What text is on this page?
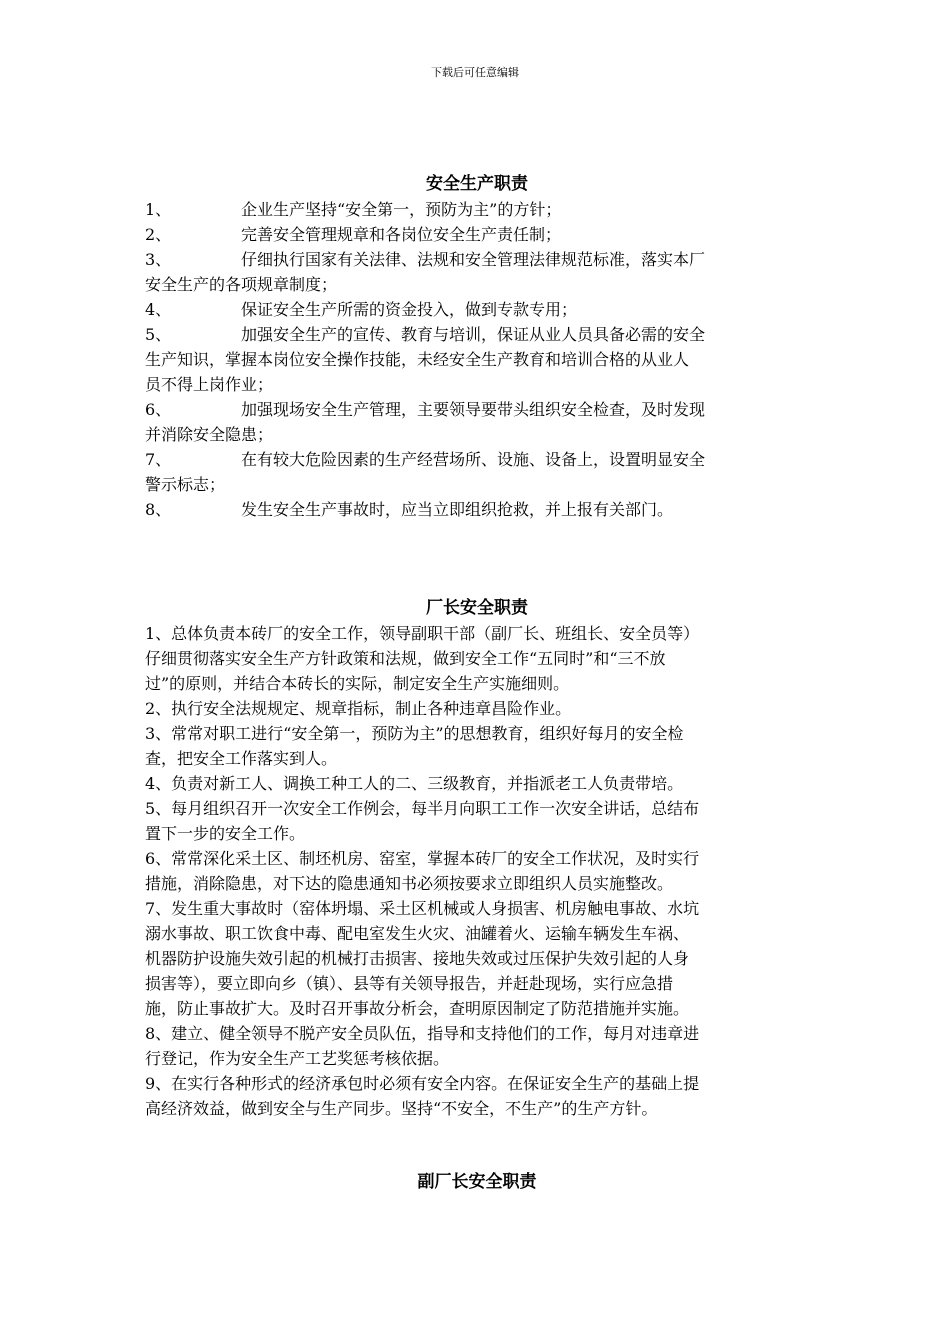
下载后可任意编辑
安全生产职责
1、	企业生产坚持“安全第一，预防为主”的方针；
2、	完善安全管理规章和各岗位安全生产责任制；
3、	仔细执行国家有关法律、法规和安全管理法律规范标准，落实本厂
安全生产的各项规章制度；
4、	保证安全生产所需的资金投入，做到专款专用；
5、	加强安全生产的宣传、教育与培训，保证从业人员具备必需的安全
生产知识，掌握本岗位安全操作技能，未经安全生产教育和培训合格的从业人
员不得上岗作业；
6、	加强现场安全生产管理，主要领导要带头组织安全检查，及时发现
并消除安全隐患；
7、	在有较大危险因素的生产经营场所、设施、设备上，设置明显安全
警示标志；
8、	发生安全生产事故时，应当立即组织抢救，并上报有关部门。
厂长安全职责
1、总体负责本砖厂的安全工作，领导副职干部（副厂长、班组长、安全员等）
仔细贯彻落实安全生产方针政策和法规，做到安全工作“五同时”和“三不放
过”的原则，并结合本砖长的实际，制定安全生产实施细则。
2、执行安全法规规定、规章指标，制止各种违章昌险作业。
3、常常对职工进行“安全第一，预防为主”的思想教育，组织好每月的安全检
查，把安全工作落实到人。
4、负责对新工人、调换工种工人的二、三级教育，并指派老工人负责带培。
5、每月组织召开一次安全工作例会，每半月向职工工作一次安全讲话，总结布
置下一步的安全工作。
6、常常深化采土区、制坯机房、窑室，掌握本砖厂的安全工作状况，及时实行
措施，消除隐患，对下达的隐患通知书必须按要求立即组织人员实施整改。
7、发生重大事故时（窑体坍塌、采土区机械或人身损害、机房触电事故、水坑
溺水事故、职工饮食中毒、配电室发生火灾、油罐着火、运输车辆发生车祸、
机器防护设施失效引起的机械打击损害、接地失效或过压保护失效引起的人身
损害等），要立即向乡（镇）、县等有关领导报告，并赶赴现场，实行应急措
施，防止事故扩大。及时召开事故分析会，查明原因制定了防范措施并实施。
8、建立、健全领导不脱产安全员队伍，指导和支持他们的工作，每月对违章进
行登记，作为安全生产工艺奖惩考核依据。
9、在实行各种形式的经济承包时必须有安全内容。在保证安全生产的基础上提
高经济效益，做到安全与生产同步。坚持“不安全，不生产”的生产方针。
副厂长安全职责
